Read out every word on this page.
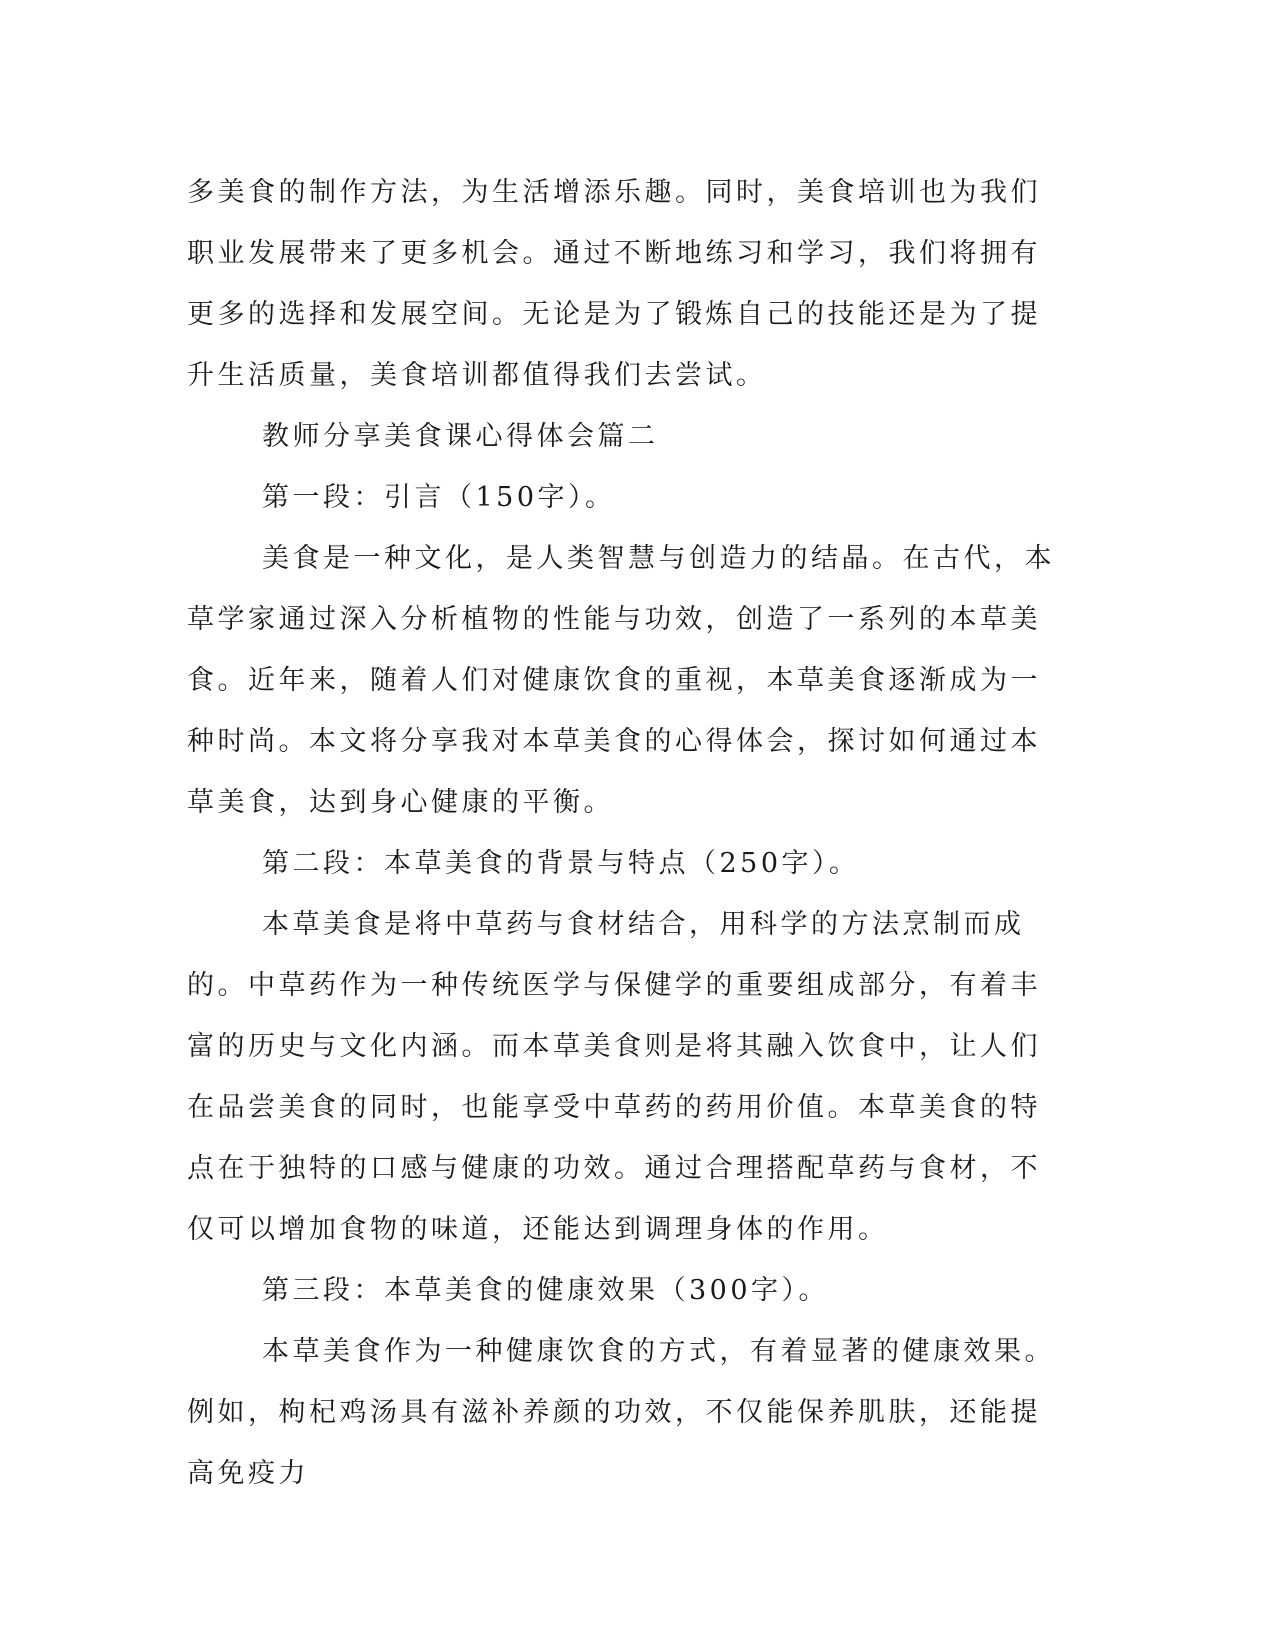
多美食的制作方法，为生活增添乐趣。同时，美食培训也为我们职业发展带来了更多机会。通过不断地练习和学习，我们将拥有更多的选择和发展空间。无论是为了锻炼自己的技能还是为了提升生活质量，美食培训都值得我们去尝试。

教师分享美食课心得体会篇二

第一段：引言（150字）。

美食是一种文化，是人类智慧与创造力的结晶。在古代，本草学家通过深入分析植物的性能与功效，创造了一系列的本草美食。近年来，随着人们对健康饮食的重视，本草美食逐渐成为一种时尚。本文将分享我对本草美食的心得体会，探讨如何通过本草美食，达到身心健康的平衡。

第二段：本草美食的背景与特点（250字）。

本草美食是将中草药与食材结合，用科学的方法烹制而成的。中草药作为一种传统医学与保健学的重要组成部分，有着丰富的历史与文化内涵。而本草美食则是将其融入饮食中，让人们在品尝美食的同时，也能享受中草药的药用价值。本草美食的特点在于独特的口感与健康的功效。通过合理搭配草药与食材，不仅可以增加食物的味道，还能达到调理身体的作用。

第三段：本草美食的健康效果（300字）。

本草美食作为一种健康饮食的方式，有着显著的健康效果。例如，枸杞鸡汤具有滋补养颜的功效，不仅能保养肌肤，还能提高免疫力
